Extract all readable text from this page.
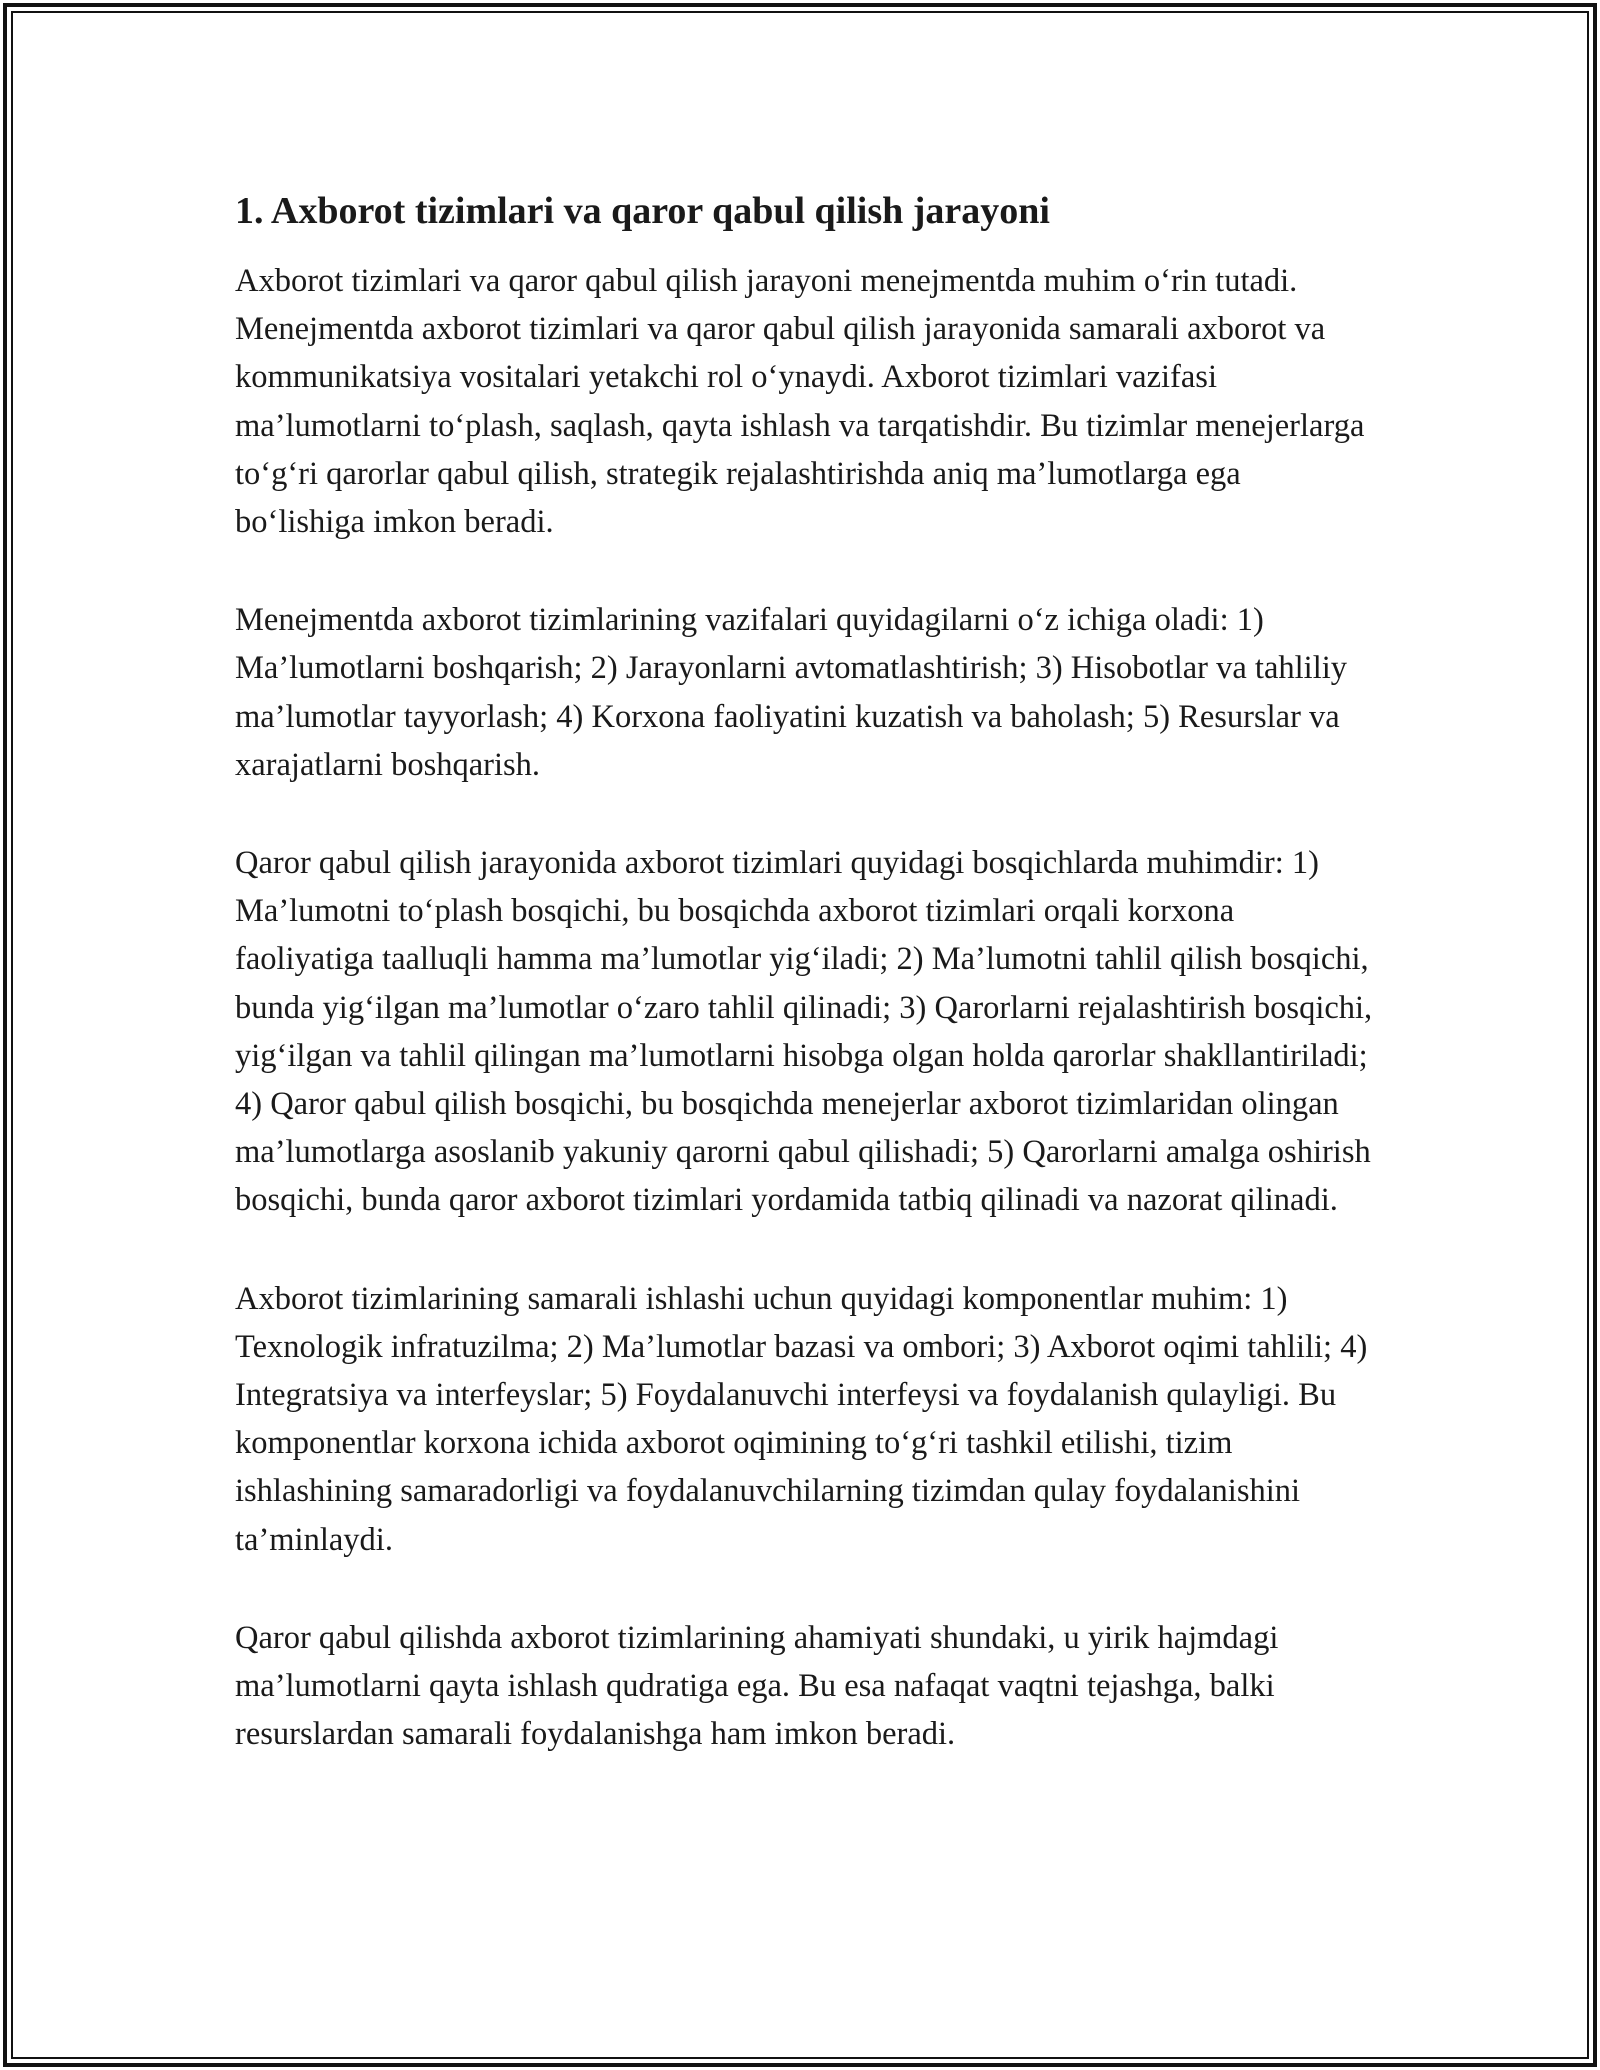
1. Axborot tizimlari va qaror qabul qilish jarayoni

Axborot tizimlari va qaror qabul qilish jarayoni menejmentda muhim o‘rin tutadi. Menejmentda axborot tizimlari va qaror qabul qilish jarayonida samarali axborot va kommunikatsiya vositalari yetakchi rol o‘ynaydi. Axborot tizimlari vazifasi ma’lumotlarni to‘plash, saqlash, qayta ishlash va tarqatishdir. Bu tizimlar menejerlarga to‘g‘ri qarorlar qabul qilish, strategik rejalashtirishda aniq ma’lumotlarga ega bo‘lishiga imkon beradi.

Menejmentda axborot tizimlarining vazifalari quyidagilarni o‘z ichiga oladi: 1) Ma’lumotlarni boshqarish; 2) Jarayonlarni avtomatlashtirish; 3) Hisobotlar va tahliliy ma’lumotlar tayyorlash; 4) Korxona faoliyatini kuzatish va baholash; 5) Resurslar va xarajatlarni boshqarish.

Qaror qabul qilish jarayonida axborot tizimlari quyidagi bosqichlarda muhimdir: 1) Ma’lumotni to‘plash bosqichi, bu bosqichda axborot tizimlari orqali korxona faoliyatiga taalluqli hamma ma’lumotlar yig‘iladi; 2) Ma’lumotni tahlil qilish bosqichi, bunda yig‘ilgan ma’lumotlar o‘zaro tahlil qilinadi; 3) Qarorlarni rejalashtirish bosqichi, yig‘ilgan va tahlil qilingan ma’lumotlarni hisobga olgan holda qarorlar shakllantiriladi; 4) Qaror qabul qilish bosqichi, bu bosqichda menejerlar axborot tizimlaridan olingan ma’lumotlarga asoslanib yakuniy qarorni qabul qilishadi; 5) Qarorlarni amalga oshirish bosqichi, bunda qaror axborot tizimlari yordamida tatbiq qilinadi va nazorat qilinadi.

Axborot tizimlarining samarali ishlashi uchun quyidagi komponentlar muhim: 1) Texnologik infratuzilma; 2) Ma’lumotlar bazasi va ombori; 3) Axborot oqimi tahlili; 4) Integratsiya va interfeyslar; 5) Foydalanuvchi interfeysi va foydalanish qulayligi. Bu komponentlar korxona ichida axborot oqimining to‘g‘ri tashkil etilishi, tizim ishlashining samaradorligi va foydalanuvchilarning tizimdan qulay foydalanishini ta’minlaydi.

Qaror qabul qilishda axborot tizimlarining ahamiyati shundaki, u yirik hajmdagi ma’lumotlarni qayta ishlash qudratiga ega. Bu esa nafaqat vaqtni tejashga, balki resurslardan samarali foydalanishga ham imkon beradi.
